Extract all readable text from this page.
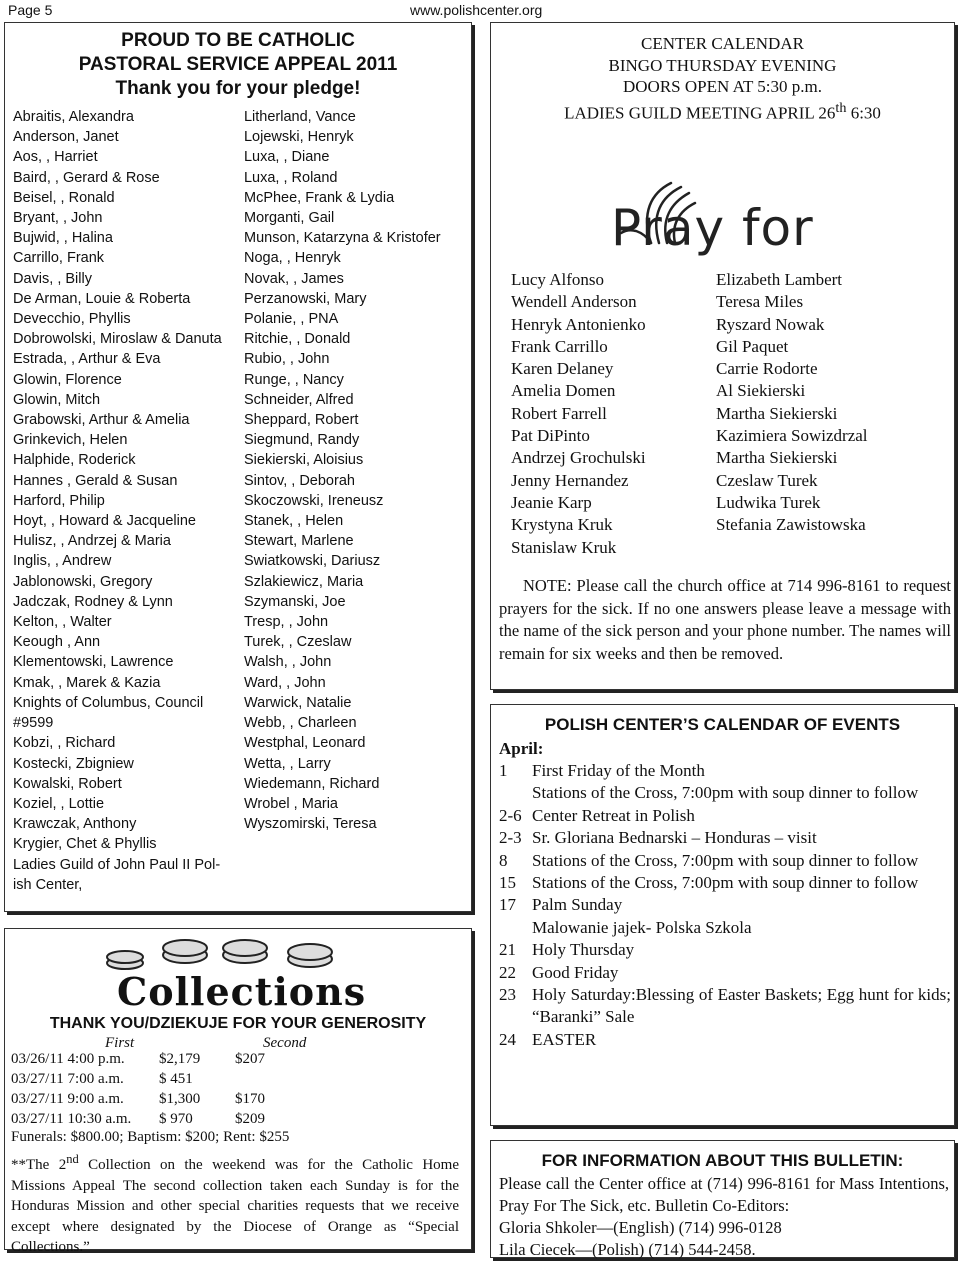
Page 5	www.polishcenter.org
PROUD TO BE CATHOLIC
PASTORAL SERVICE APPEAL 2011
Thank you for your pledge!
Abraitis, Alexandra
Anderson, Janet
Aos, , Harriet
Baird, , Gerard & Rose
Beisel, , Ronald
Bryant, , John
Bujwid, , Halina
Carrillo, Frank
Davis, , Billy
De Arman, Louie & Roberta
Devecchio, Phyllis
Dobrowolski, Miroslaw & Danuta
Estrada, , Arthur & Eva
Glowin, Florence
Glowin, Mitch
Grabowski, Arthur & Amelia
Grinkevich, Helen
Halphide, Roderick
Hannes , Gerald & Susan
Harford, Philip
Hoyt, , Howard & Jacqueline
Hulisz, , Andrzej & Maria
Inglis, , Andrew
Jablonowski, Gregory
Jadczak, Rodney & Lynn
Kelton, , Walter
Keough , Ann
Klementowski, Lawrence
Kmak, , Marek & Kazia
Knights of Columbus, Council
#9599
Kobzi, , Richard
Kostecki, Zbigniew
Kowalski, Robert
Koziel, , Lottie
Krawczak, Anthony
Krygier, Chet & Phyllis
Ladies Guild of John Paul II Pol-
ish Center,
Litherland, Vance
Lojewski, Henryk
Luxa, , Diane
Luxa, , Roland
McPhee, Frank & Lydia
Morganti, Gail
Munson, Katarzyna & Kristofer
Noga, , Henryk
Novak, , James
Perzanowski, Mary
Polanie, , PNA
Ritchie, , Donald
Rubio, , John
Runge, , Nancy
Schneider, Alfred
Sheppard, Robert
Siegmund, Randy
Siekierski, Aloisius
Sintov, , Deborah
Skoczowski, Ireneusz
Stanek, , Helen
Stewart, Marlene
Swiatkowski, Dariusz
Szlakiewicz, Maria
Szymanski, Joe
Tresp, , John
Turek, , Czeslaw
Walsh, , John
Ward, , John
Warwick, Natalie
Webb, , Charleen
Westphal, Leonard
Wetta, , Larry
Wiedemann, Richard
Wrobel , Maria
Wyszomirski, Teresa
Collections
THANK YOU/DZIEKUJE FOR YOUR GENEROSITY
First	Second
03/26/11 4:00 p.m.	$2,179	$207
03/27/11 7:00 a.m.	$ 451
03/27/11 9:00 a.m.	$1,300	$170
03/27/11 10:30 a.m.	$ 970	$209
Funerals: $800.00; Baptism: $200; Rent: $255

**The 2nd Collection on the weekend was for the Catholic Home Missions Appeal The second collection taken each Sunday is for the Honduras Mission and other special charities requests that we receive except where designated by the Diocese of Orange as “Special Collections.”

CENTER CALENDAR
BINGO THURSDAY EVENING
DOORS OPEN AT 5:30 p.m.
LADIES GUILD MEETING APRIL 26th 6:30
Pray for
Lucy Alfonso
Wendell Anderson
Henryk Antonienko
Frank Carrillo
Karen Delaney
Amelia Domen
Robert Farrell
Pat DiPinto
Andrzej Grochulski
Jenny Hernandez
Jeanie Karp
Krystyna Kruk
Stanislaw Kruk
Elizabeth Lambert
Teresa Miles
Ryszard Nowak
Gil Paquet
Carrie Rodorte
Al Siekierski
Martha Siekierski
Kazimiera Sowizdrzal
Martha Siekierski
Czeslaw Turek
Ludwika Turek
Stefania Zawistowska

NOTE: Please call the church office at 714 996-8161 to request prayers for the sick. If no one answers please leave a message with the name of the sick person and your phone number. The names will remain for six weeks and then be removed.

POLISH CENTER’S CALENDAR OF EVENTS
April:
1	First Friday of the Month
Stations of the Cross, 7:00pm with soup dinner to follow
2-6 Center Retreat in Polish
2-3 Sr. Gloriana Bednarski – Honduras – visit
8	Stations of the Cross, 7:00pm with soup dinner to follow
15 Stations of the Cross, 7:00pm with soup dinner to follow
17 Palm Sunday
Malowanie jajek- Polska Szkola
21 Holy Thursday
22 Good Friday
23 Holy Saturday:Blessing of Easter Baskets; Egg hunt for kids; “Baranki” Sale
24 EASTER
FOR INFORMATION ABOUT THIS BULLETIN:
Please call the Center office at (714) 996-8161 for Mass Intentions, Pray For The Sick, etc. Bulletin Co-Editors:
Gloria Shkoler—(English) (714) 996-0128
Lila Ciecek—(Polish) (714) 544-2458.
